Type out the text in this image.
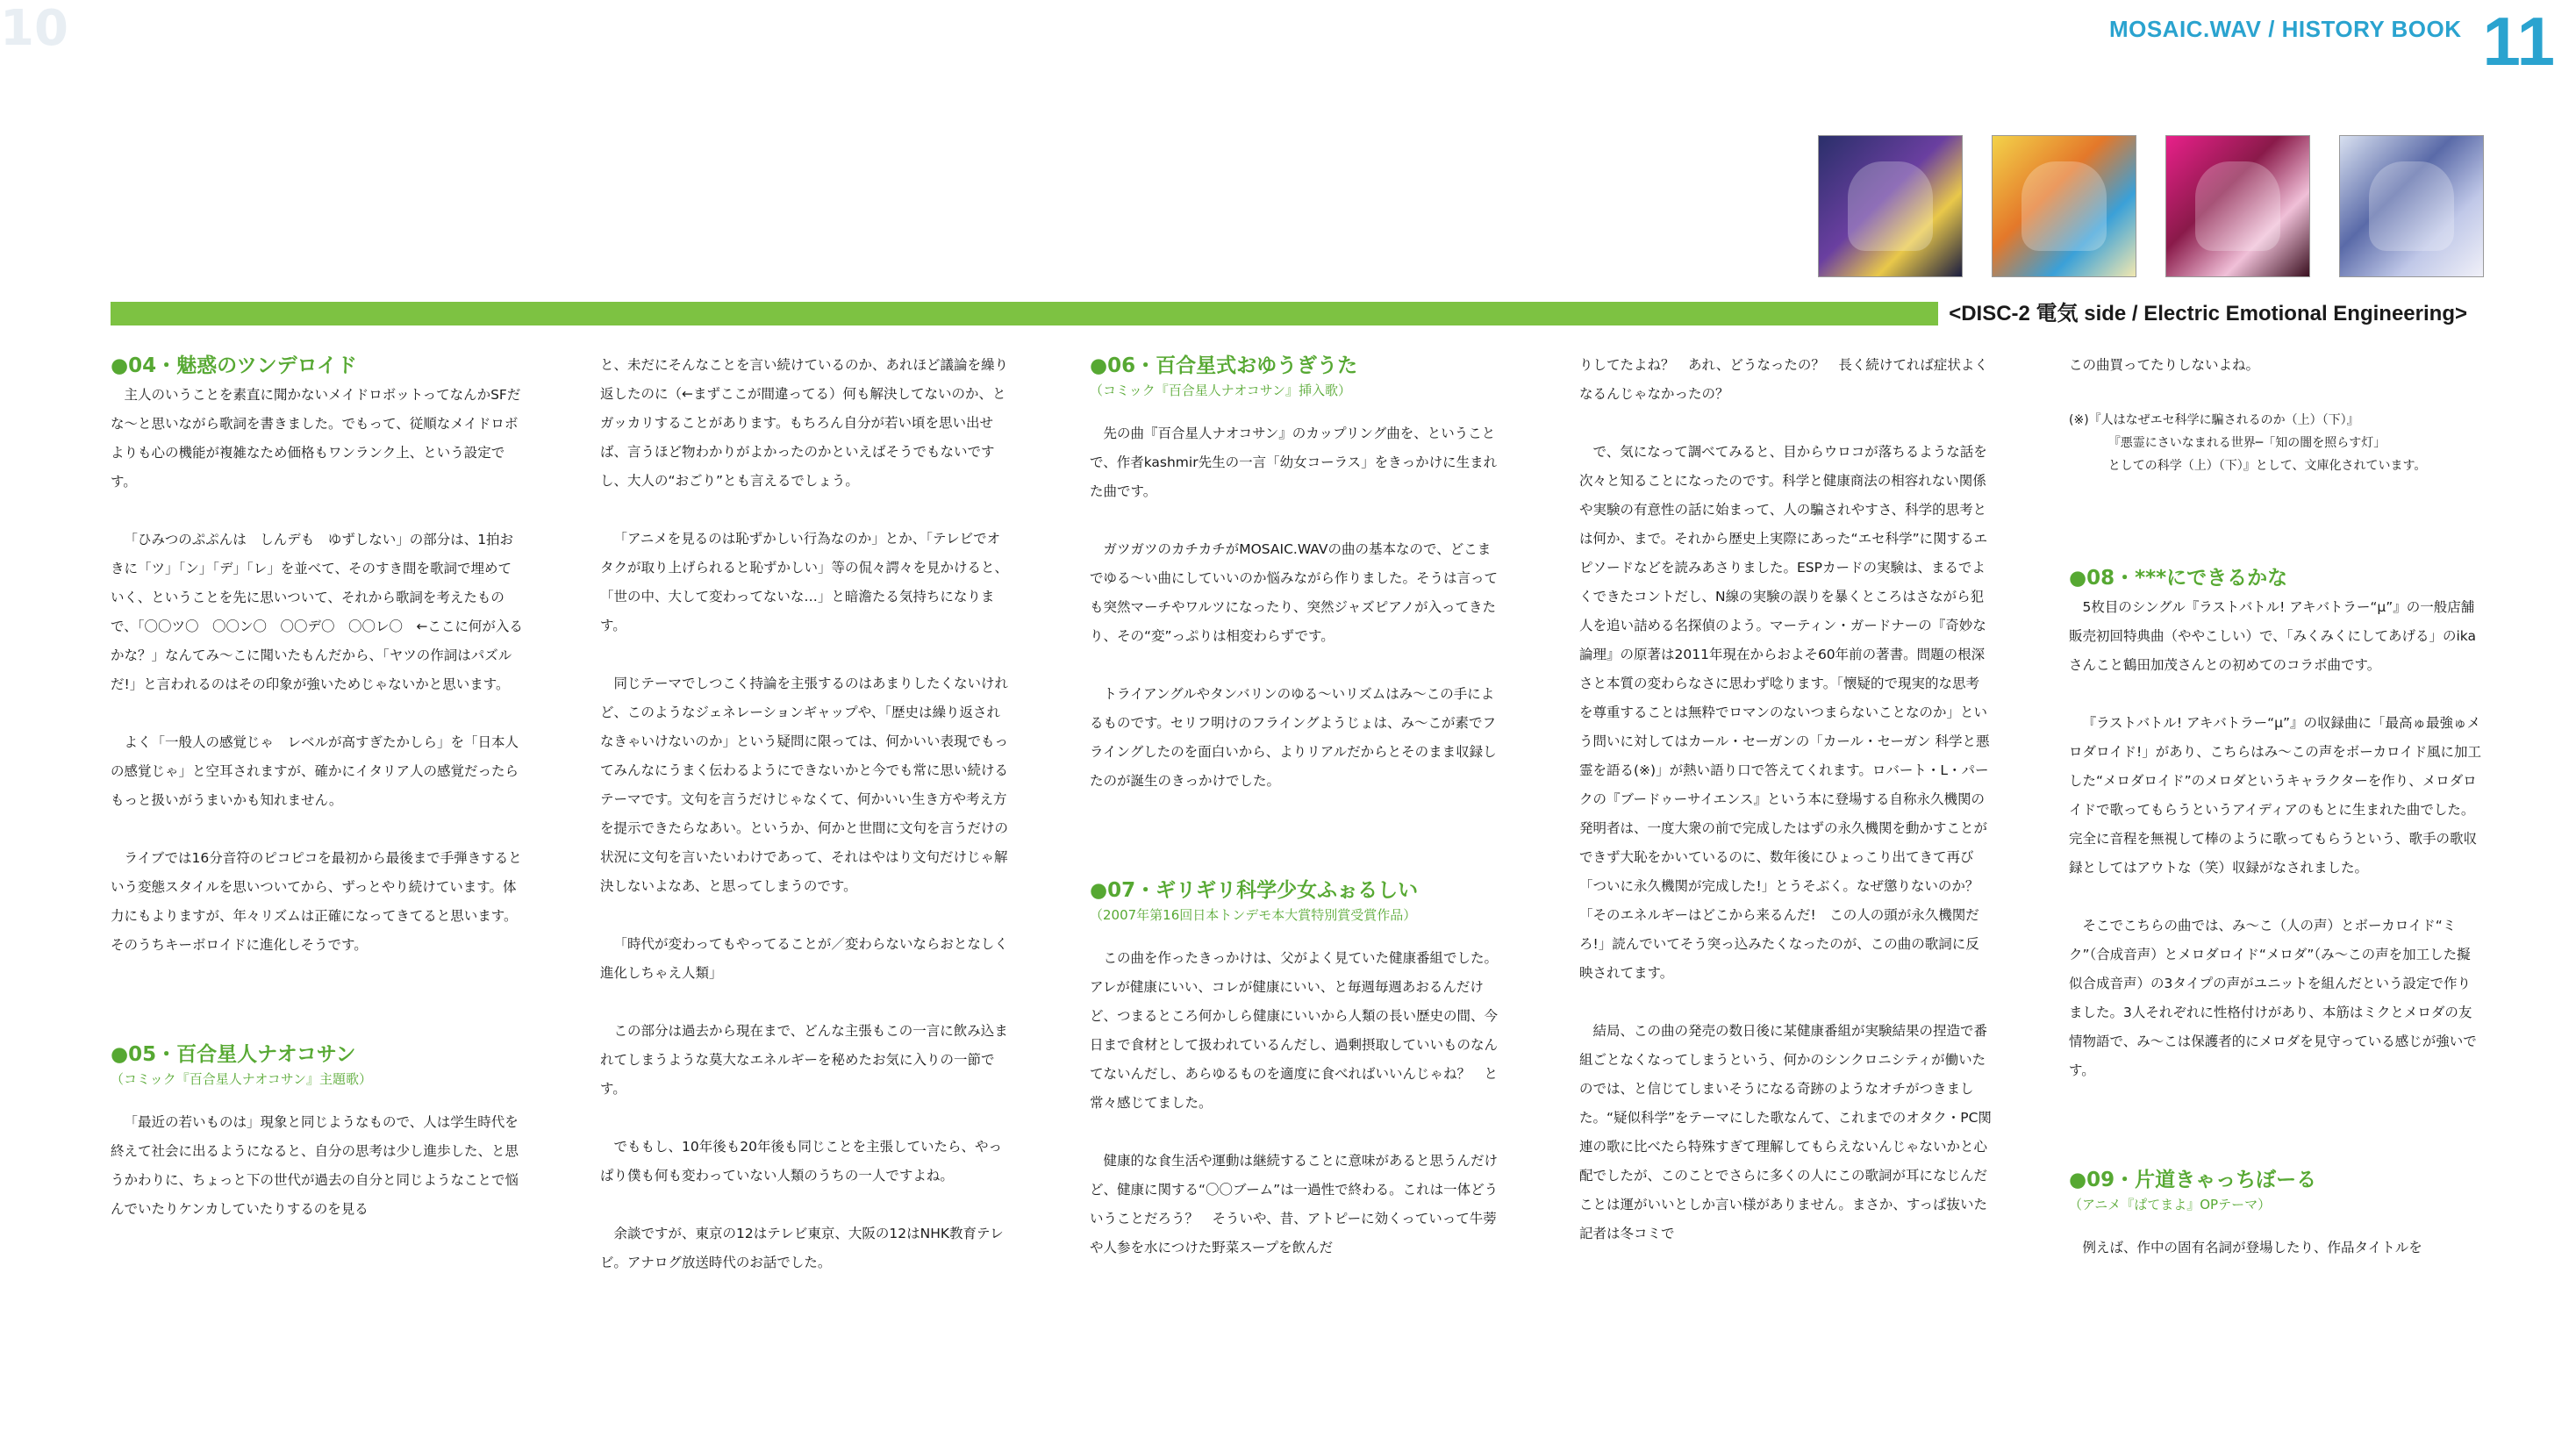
10	MOSAIC.WAV / HISTORY BOOK 11
<DISC-2 電気 side / Electric Emotional Engineering>
●04・魅惑のツンデロイド

主人のいうことを素直に聞かないメイドロボットってなんかSFだな〜と思いながら歌詞を書きました。でもって、従順なメイドロボよりも心の機能が複雑なため価格もワンランク上、という設定です。

「ひみつのぷぷんは　しんデも　ゆずしない」の部分は、1拍おきに「ツ」「ン」「デ」「レ」を並べて、そのすき間を歌詞で埋めていく、ということを先に思いついて、それから歌詞を考えたもので、「〇〇ツ〇　〇〇ン〇　〇〇デ〇　〇〇レ〇　←ここに何が入るかな？」なんてみ〜こに聞いたもんだから、「ヤツの作詞はパズルだ!」と言われるのはその印象が強いためじゃないかと思います。

よく「一般人の感覚じゃ　レベルが高すぎたかしら」を「日本人の感覚じゃ」と空耳されますが、確かにイタリア人の感覚だったらもっと扱いがうまいかも知れません。

ライブでは16分音符のピコピコを最初から最後まで手弾きするという変態スタイルを思いついてから、ずっとやり続けています。体力にもよりますが、年々リズムは正確になってきてると思います。そのうちキーボロイドに進化しそうです。

●05・百合星人ナオコサン
（コミック『百合星人ナオコサン』主題歌）

「最近の若いものは」現象と同じようなもので、人は学生時代を終えて社会に出るようになると、自分の思考は少し進歩した、と思うかわりに、ちょっと下の世代が過去の自分と同じようなことで悩んでいたりケンカしていたりするのを見る

と、未だにそんなことを言い続けているのか、あれほど議論を繰り返したのに（←まずここが間違ってる）何も解決してないのか、とガッカリすることがあります。もちろん自分が若い頃を思い出せば、言うほど物わかりがよかったのかといえばそうでもないですし、大人の“おごり”とも言えるでしょう。

「アニメを見るのは恥ずかしい行為なのか」とか、「テレビでオタクが取り上げられると恥ずかしい」等の侃々諤々を見かけると、「世の中、大して変わってないな…」と暗澹たる気持ちになります。

同じテーマでしつこく持論を主張するのはあまりしたくないけれど、このようなジェネレーションギャップや、「歴史は繰り返されなきゃいけないのか」という疑問に限っては、何かいい表現でもってみんなにうまく伝わるようにできないかと今でも常に思い続けるテーマです。文句を言うだけじゃなくて、何かいい生き方や考え方を提示できたらなあい。というか、何かと世間に文句を言うだけの状況に文句を言いたいわけであって、それはやはり文句だけじゃ解決しないよなあ、と思ってしまうのです。

「時代が変わってもやってることが／変わらないならおとなしく進化しちゃえ人類」

この部分は過去から現在まで、どんな主張もこの一言に飲み込まれてしまうような莫大なエネルギーを秘めたお気に入りの一節です。

でももし、10年後も20年後も同じことを主張していたら、やっぱり僕も何も変わっていない人類のうちの一人ですよね。

余談ですが、東京の12はテレビ東京、大阪の12はNHK教育テレビ。アナログ放送時代のお話でした。

●06・百合星式おゆうぎうた
（コミック『百合星人ナオコサン』挿入歌）

先の曲『百合星人ナオコサン』のカップリング曲を、ということで、作者kashmir先生の一言「幼女コーラス」をきっかけに生まれた曲です。

ガツガツのカチカチがMOSAIC.WAVの曲の基本なので、どこまでゆる〜い曲にしていいのか悩みながら作りました。そうは言っても突然マーチやワルツになったり、突然ジャズピアノが入ってきたり、その“変”っぷりは相変わらずです。

トライアングルやタンバリンのゆる〜いリズムはみ〜この手によるものです。セリフ明けのフライングようじょは、み〜こが素でフライングしたのを面白いから、よりリアルだからとそのまま収録したのが誕生のきっかけでした。

●07・ギリギリ科学少女ふぉるしい
（2007年第16回日本トンデモ本大賞特別賞受賞作品）

この曲を作ったきっかけは、父がよく見ていた健康番組でした。アレが健康にいい、コレが健康にいい、と毎週毎週あおるんだけど、つまるところ何かしら健康にいいから人類の長い歴史の間、今日まで食材として扱われているんだし、過剰摂取していいものなんてないんだし、あらゆるものを適度に食べればいいんじゃね？　と常々感じてました。

健康的な食生活や運動は継続することに意味があると思うんだけど、健康に関する“〇〇ブーム”は一過性で終わる。これは一体どういうことだろう？　そういや、昔、アトピーに効くっていって牛蒡や人参を水につけた野菜スープを飲んだ

りしてたよね？　あれ、どうなったの？　長く続けてれば症状よくなるんじゃなかったの？

で、気になって調べてみると、目からウロコが落ちるような話を次々と知ることになったのです。科学と健康商法の相容れない関係や実験の有意性の話に始まって、人の騙されやすさ、科学的思考とは何か、まで。それから歴史上実際にあった“エセ科学”に関するエピソードなどを読みあさりました。ESPカードの実験は、まるでよくできたコントだし、N線の実験の誤りを暴くところはさながら犯人を追い詰める名探偵のよう。マーティン・ガードナーの『奇妙な論理』の原著は2011年現在からおよそ60年前の著書。問題の根深さと本質の変わらなさに思わず唸ります。「懐疑的で現実的な思考を尊重することは無粋でロマンのないつまらないことなのか」という問いに対してはカール・セーガンの「カール・セーガン 科学と悪霊を語る(※)」が熱い語り口で答えてくれます。ロバート・L・パークの『ブードゥーサイエンス』という本に登場する自称永久機関の発明者は、一度大衆の前で完成したはずの永久機関を動かすことができず大恥をかいているのに、数年後にひょっこり出てきて再び「ついに永久機関が完成した!」とうそぶく。なぜ懲りないのか？　「そのエネルギーはどこから来るんだ!　この人の頭が永久機関だろ!」読んでいてそう突っ込みたくなったのが、この曲の歌詞に反映されてます。

結局、この曲の発売の数日後に某健康番組が実験結果の捏造で番組ごとなくなってしまうという、何かのシンクロニシティが働いたのでは、と信じてしまいそうになる奇跡のようなオチがつきました。“疑似科学”をテーマにした歌なんて、これまでのオタク・PC関連の歌に比べたら特殊すぎて理解してもらえないんじゃないかと心配でしたが、このことでさらに多くの人にこの歌詞が耳になじんだことは運がいいとしか言い様がありません。まさか、すっぱ抜いた記者は冬コミで

この曲買ってたりしないよね。

(※)『人はなぜエセ科学に騙されるのか（上）（下）』
『悪霊にさいなまれる世界─「知の闇を照らす灯」
としての科学（上）（下）』として、文庫化されています。
●08・***にできるかな

5枚目のシングル『ラストバトル! アキバトラー“μ”』の一般店舗販売初回特典曲（ややこしい）で、「みくみくにしてあげる」のikaさんこと鶴田加茂さんとの初めてのコラボ曲です。

『ラストバトル! アキバトラー“μ”』の収録曲に「最高ゅ最強ゅメロダロイド!」があり、こちらはみ〜この声をボーカロイド風に加工した“メロダロイド”のメロダというキャラクターを作り、メロダロイドで歌ってもらうというアイディアのもとに生まれた曲でした。完全に音程を無視して棒のように歌ってもらうという、歌手の歌収録としてはアウトな（笑）収録がなされました。

そこでこちらの曲では、み〜こ（人の声）とボーカロイド“ミク”（合成音声）とメロダロイド“メロダ”（み〜この声を加工した擬似合成音声）の3タイプの声がユニットを組んだという設定で作りました。3人それぞれに性格付けがあり、本筋はミクとメロダの友情物語で、み〜こは保護者的にメロダを見守っている感じが強いです。

●09・片道きゃっちぼーる
（アニメ『ぱてまよ』OPテーマ）

例えば、作中の固有名詞が登場したり、作品タイトルを
